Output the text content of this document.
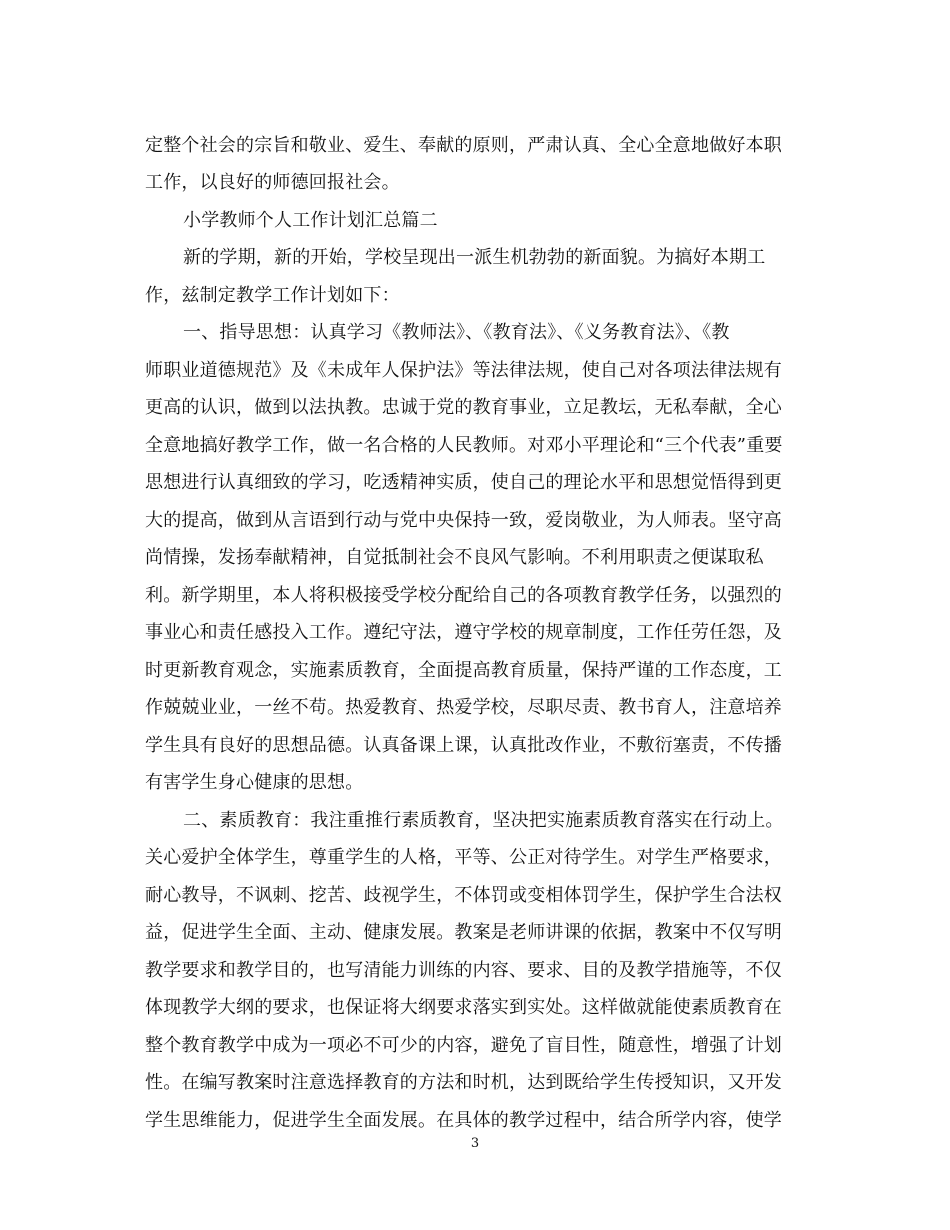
定整个社会的宗旨和敬业、爱生、奉献的原则，严肃认真、全心全意地做好本职
工作，以良好的师德回报社会。
小学教师个人工作计划汇总篇二
新的学期，新的开始，学校呈现出一派生机勃勃的新面貌。为搞好本期工
作，兹制定教学工作计划如下：
一、指导思想：认真学习《教师法》、《教育法》、《义务教育法》、《教
师职业道德规范》及《未成年人保护法》等法律法规，使自己对各项法律法规有
更高的认识，做到以法执教。忠诚于党的教育事业，立足教坛，无私奉献，全心
全意地搞好教学工作，做一名合格的人民教师。对邓小平理论和“三个代表”重要
思想进行认真细致的学习，吃透精神实质，使自己的理论水平和思想觉悟得到更
大的提高，做到从言语到行动与党中央保持一致，爱岗敬业，为人师表。坚守高
尚情操，发扬奉献精神，自觉抵制社会不良风气影响。不利用职责之便谋取私
利。新学期里，本人将积极接受学校分配给自己的各项教育教学任务，以强烈的
事业心和责任感投入工作。遵纪守法，遵守学校的规章制度，工作任劳任怨，及
时更新教育观念，实施素质教育，全面提高教育质量，保持严谨的工作态度，工
作兢兢业业，一丝不苟。热爱教育、热爱学校，尽职尽责、教书育人，注意培养
学生具有良好的思想品德。认真备课上课，认真批改作业，不敷衍塞责，不传播
有害学生身心健康的思想。
二、素质教育：我注重推行素质教育，坚决把实施素质教育落实在行动上。
关心爱护全体学生，尊重学生的人格，平等、公正对待学生。对学生严格要求，
耐心教导，不讽刺、挖苦、歧视学生，不体罚或变相体罚学生，保护学生合法权
益，促进学生全面、主动、健康发展。教案是老师讲课的依据，教案中不仅写明
教学要求和教学目的，也写清能力训练的内容、要求、目的及教学措施等，不仅
体现教学大纲的要求，也保证将大纲要求落实到实处。这样做就能使素质教育在
整个教育教学中成为一项必不可少的内容，避免了盲目性，随意性，增强了计划
性。在编写教案时注意选择教育的方法和时机，达到既给学生传授知识，又开发
学生思维能力，促进学生全面发展。在具体的教学过程中，结合所学内容，使学
3
